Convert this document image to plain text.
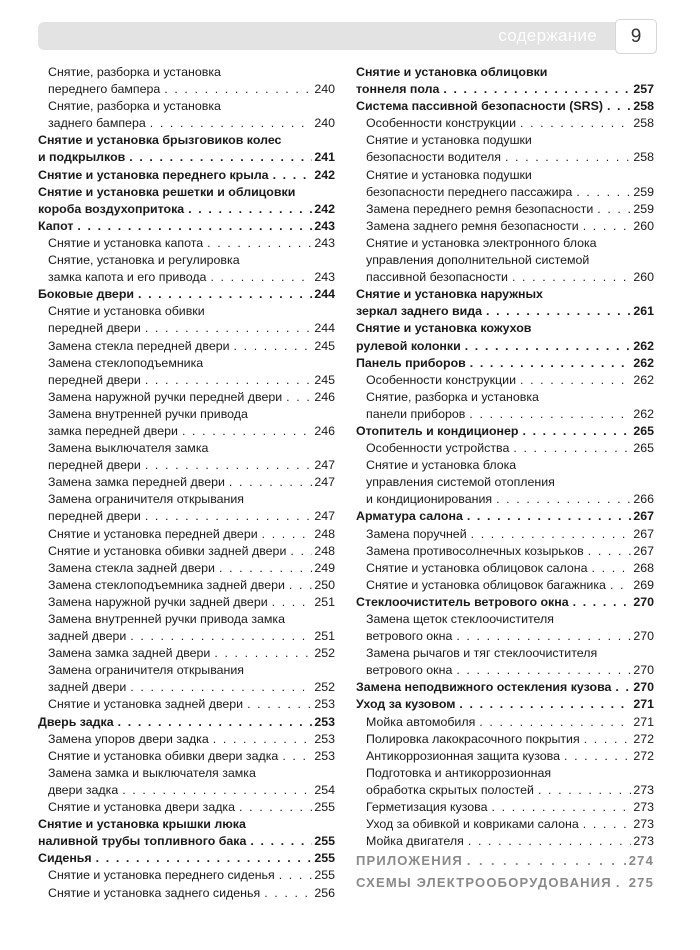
содержание	9
Снятие, разборка и установка
переднего бампера . . .	240
Снятие, разборка и установка
заднего бампера . . .	240
Снятие и установка брызговиков колес
и подкрылков . . .	241
Снятие и установка переднего крыла . . .	242
Снятие и установка решетки и облицовки
короба воздухопритока . . .	242
Капот . . .	243
Снятие и установка капота . . .	243
Снятие, установка и регулировка
замка капота и его привода . . .	243
Боковые двери . . .	244
Снятие и установка обивки
передней двери . . .	244
Замена стекла передней двери . . .	245
Замена стеклоподъемника
передней двери . . .	245
Замена наружной ручки передней двери . . .	246
Замена внутренней ручки привода
замка передней двери . . .	246
Замена выключателя замка
передней двери . . .	247
Замена замка передней двери . . .	247
Замена ограничителя открывания
передней двери . . .	247
Снятие и установка передней двери . . .	248
Снятие и установка обивки задней двери . . . 248
Замена стекла задней двери . . .	249
Замена стеклоподъемника задней двери . . . 250
Замена наружной ручки задней двери . . .	251
Замена внутренней ручки привода замка
задней двери . . .	251
Замена замка задней двери . . .	252
Замена ограничителя открывания
задней двери . . .	252
Снятие и установка задней двери . . .	253
Дверь задка . . .	253
Замена упоров двери задка . . .	253
Снятие и установка обивки двери задка . . .	253
Замена замка и выключателя замка
двери задка . . .	254
Снятие и установка двери задка . . .	255
Снятие и установка крышки люка
наливной трубы топливного бака . . .	255
Сиденья . . .	255
Снятие и установка переднего сиденья . . .	255
Снятие и установка заднего сиденья . . .	256
Снятие и установка облицовки
тоннеля пола . . .	257
Система пассивной безопасности (SRS) . . . 258
Особенности конструкции . . .	258
Снятие и установка подушки
безопасности водителя . . .	258
Снятие и установка подушки
безопасности переднего пассажира . . .	259
Замена переднего ремня безопасности . . .	259
Замена заднего ремня безопасности . . .	260
Снятие и установка электронного блока
управления дополнительной системой
пассивной безопасности . . .	260
Снятие и установка наружных
зеркал заднего вида . . .	261
Снятие и установка кожухов
рулевой колонки . . .	262
Панель приборов . . .	262
Особенности конструкции . . .	262
Снятие, разборка и установка
панели приборов . . .	262
Отопитель и кондиционер . . .	265
Особенности устройства . . .	265
Снятие и установка блока
управления системой отопления
и кондиционирования . . .	266
Арматура салона . . .	267
Замена поручней . . .	267
Замена противосолнечных козырьков . . .	267
Снятие и установка облицовок салона . . .	268
Снятие и установка облицовок багажника . . . 269
Стеклоочиститель ветрового окна . . .	270
Замена щеток стеклоочистителя
ветрового окна . . .	270
Замена рычагов и тяг стеклоочистителя
ветрового окна . . .	270
Замена неподвижного остекления кузова . . . 270
Уход за кузовом . . .	271
Мойка автомобиля . . .	271
Полировка лакокрасочного покрытия . . .	272
Антикоррозионная защита кузова . . .	272
Подготовка и антикоррозионная
обработка скрытых полостей . . .	273
Герметизация кузова . . .	273
Уход за обивкой и ковриками салона . . .	273
Мойка двигателя . . .	273
ПРИЛОЖЕНИЯ . . .	274
СХЕМЫ ЭЛЕКТРООБОРУДОВАНИЯ . . . 275
